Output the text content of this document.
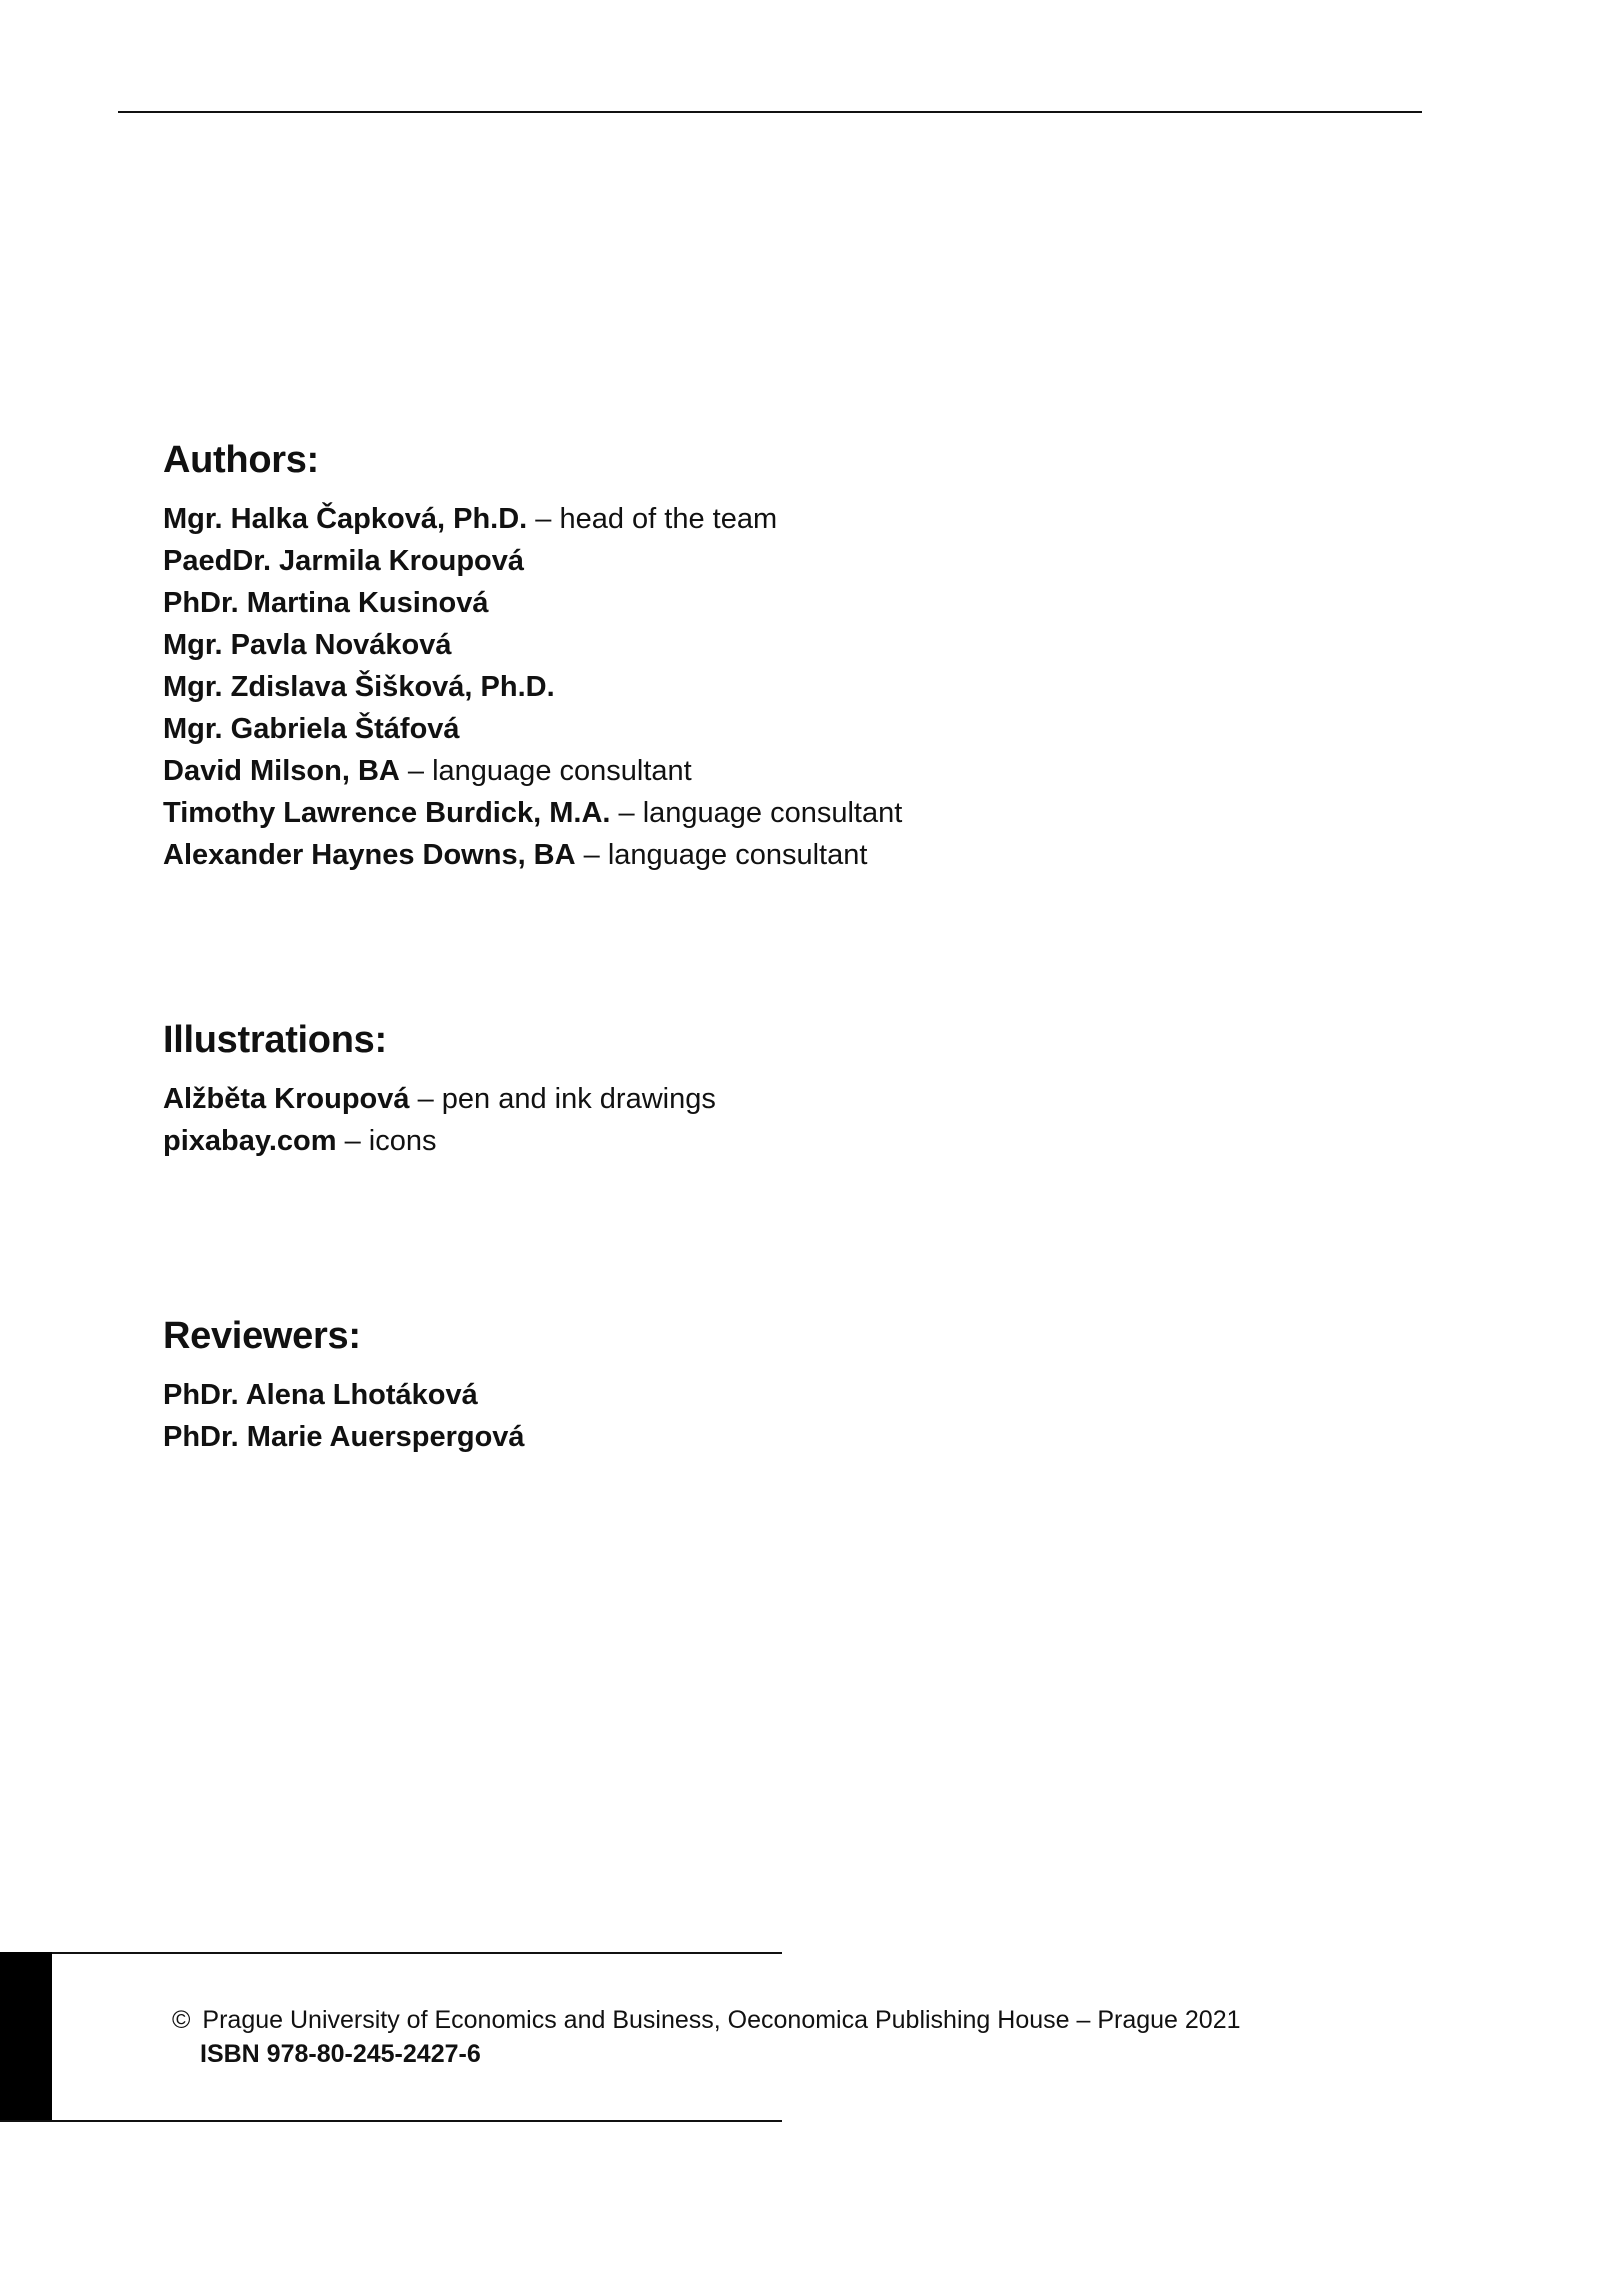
Authors:
Mgr. Halka Čapková, Ph.D. – head of the team
PaedDr. Jarmila Kroupová
PhDr. Martina Kusinová
Mgr. Pavla Nováková
Mgr. Zdislava Šišková, Ph.D.
Mgr. Gabriela Štáfová
David Milson, BA – language consultant
Timothy Lawrence Burdick, M.A. – language consultant
Alexander Haynes Downs, BA – language consultant
Illustrations:
Alžběta Kroupová – pen and ink drawings
pixabay.com – icons
Reviewers:
PhDr. Alena Lhotáková
PhDr. Marie Auerspergová
© Prague University of Economics and Business, Oeconomica Publishing House – Prague 2021
ISBN 978-80-245-2427-6
